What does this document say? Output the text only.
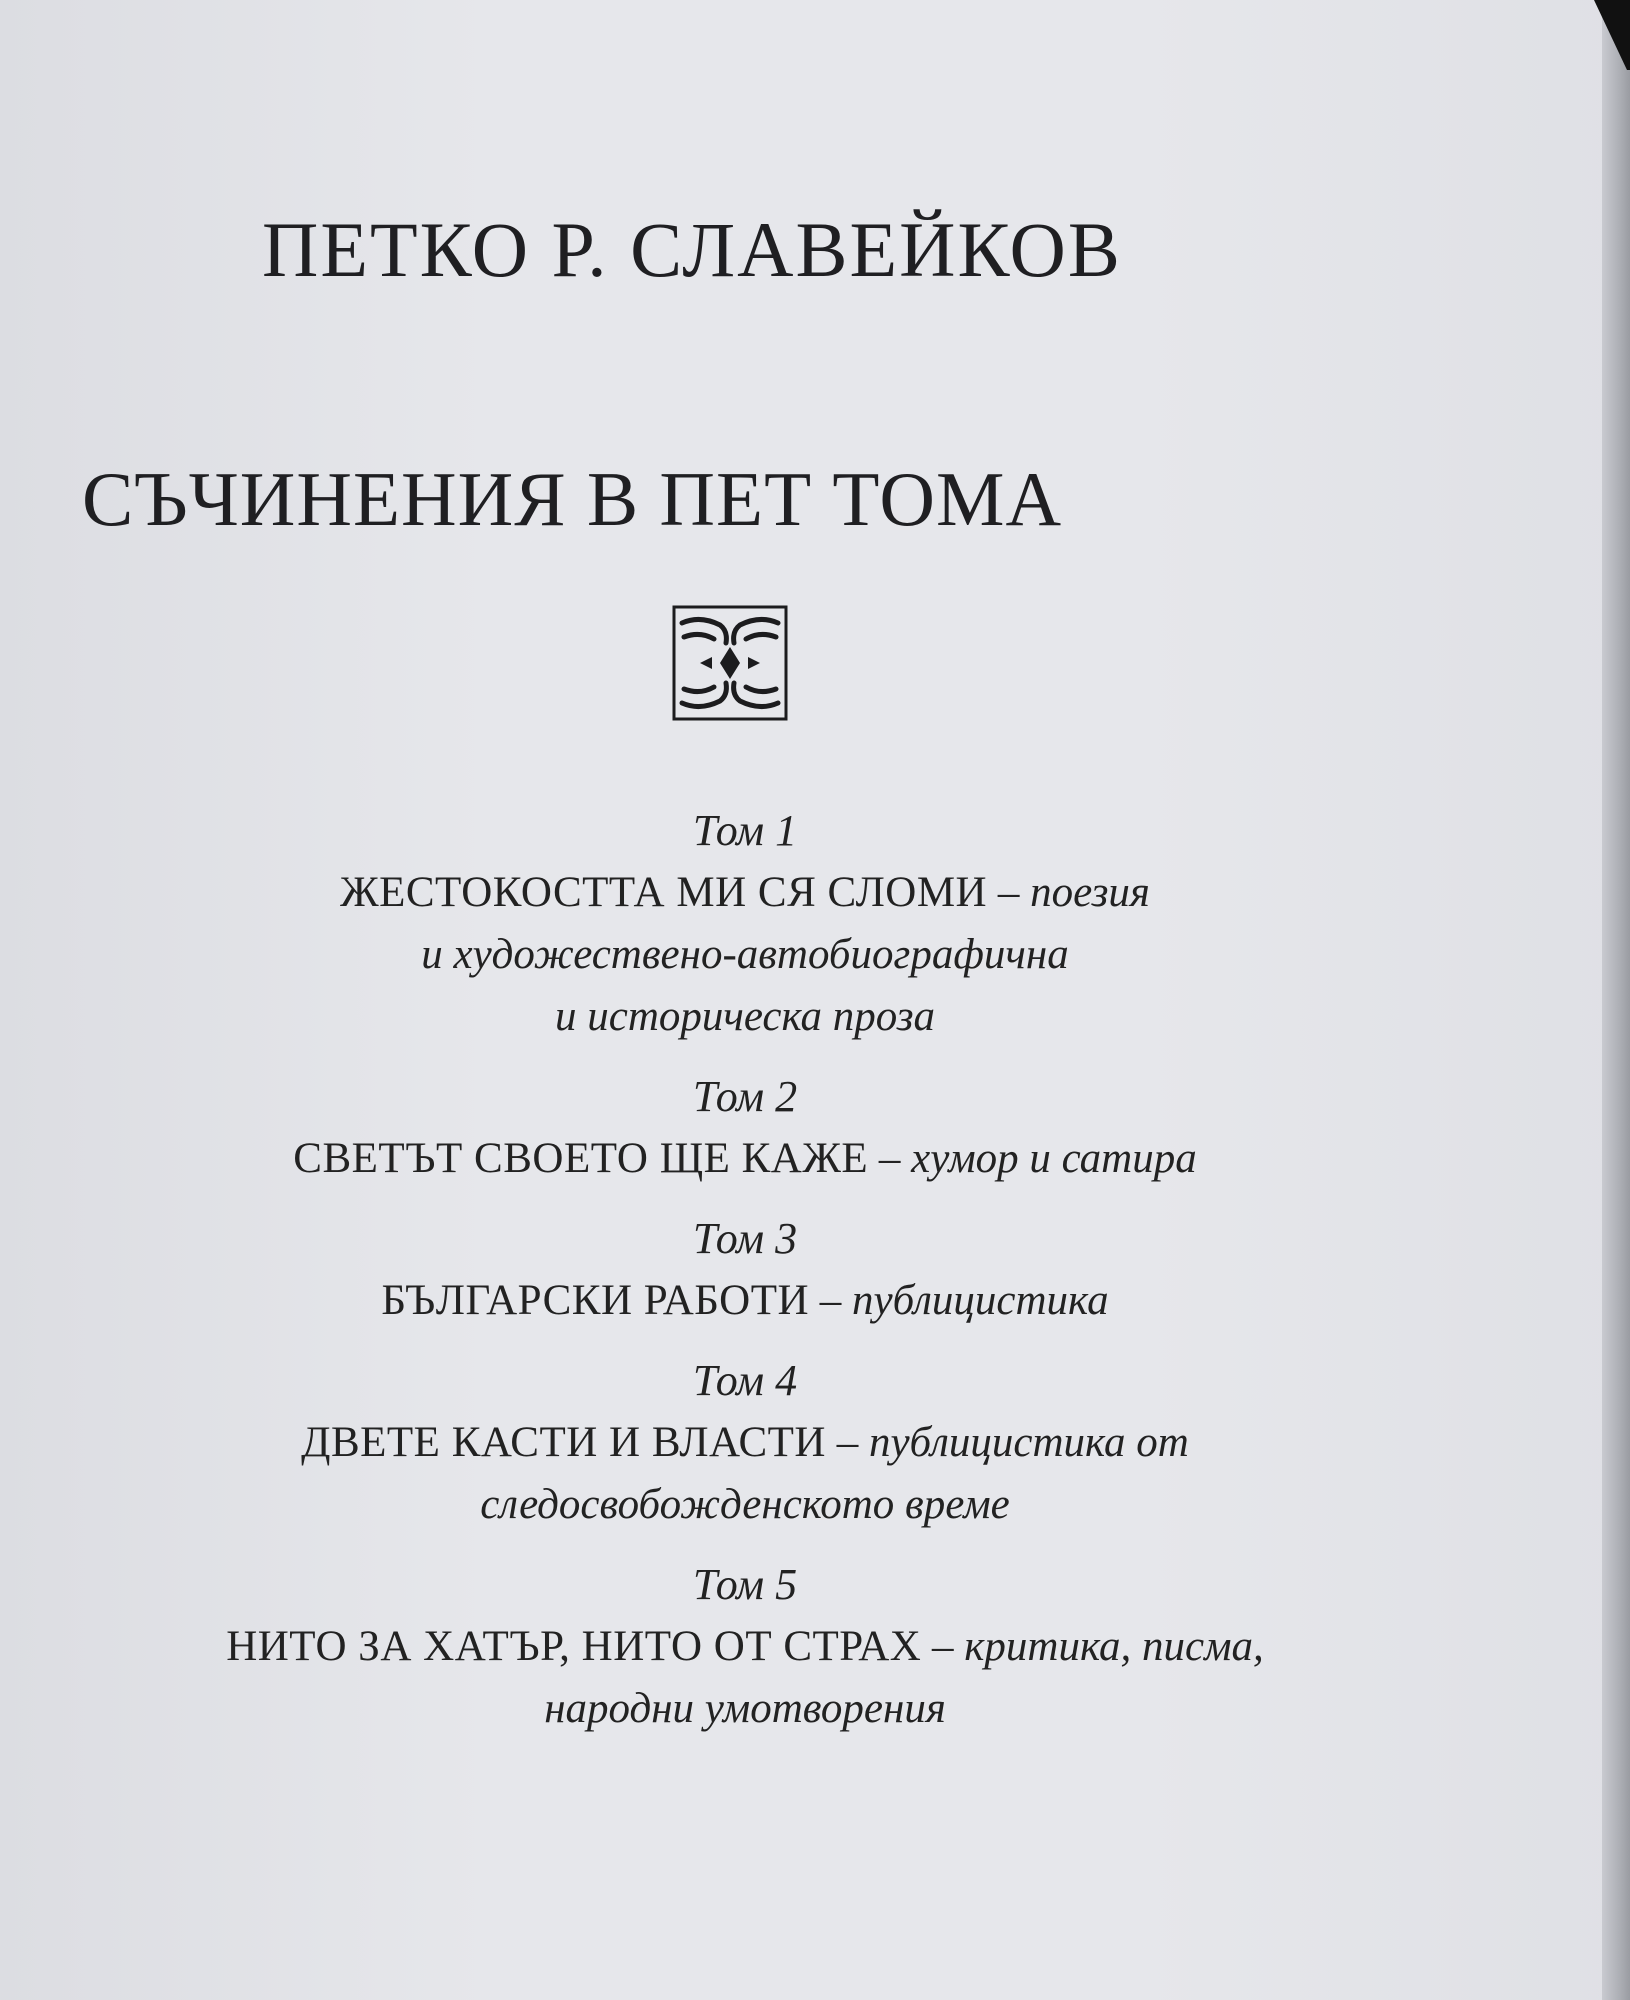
ПЕТКО Р. СЛАВЕЙКОВ
СЪЧИНЕНИЯ В ПЕТ ТОМА
Том 1
ЖЕСТОКОСТТА МИ СЯ СЛОМИ – поезия
и художествено-автобиографична
и историческа проза
Том 2
СВЕТЪТ СВОЕТО ЩЕ КАЖЕ – хумор и сатира
Том 3
БЪЛГАРСКИ РАБОТИ – публицистика
Том 4
ДВЕТЕ КАСТИ И ВЛАСТИ – публицистика от
следосвобожденското време
Том 5
НИТО ЗА ХАТЪР, НИТО ОТ СТРАХ – критика, писма,
народни умотворения
